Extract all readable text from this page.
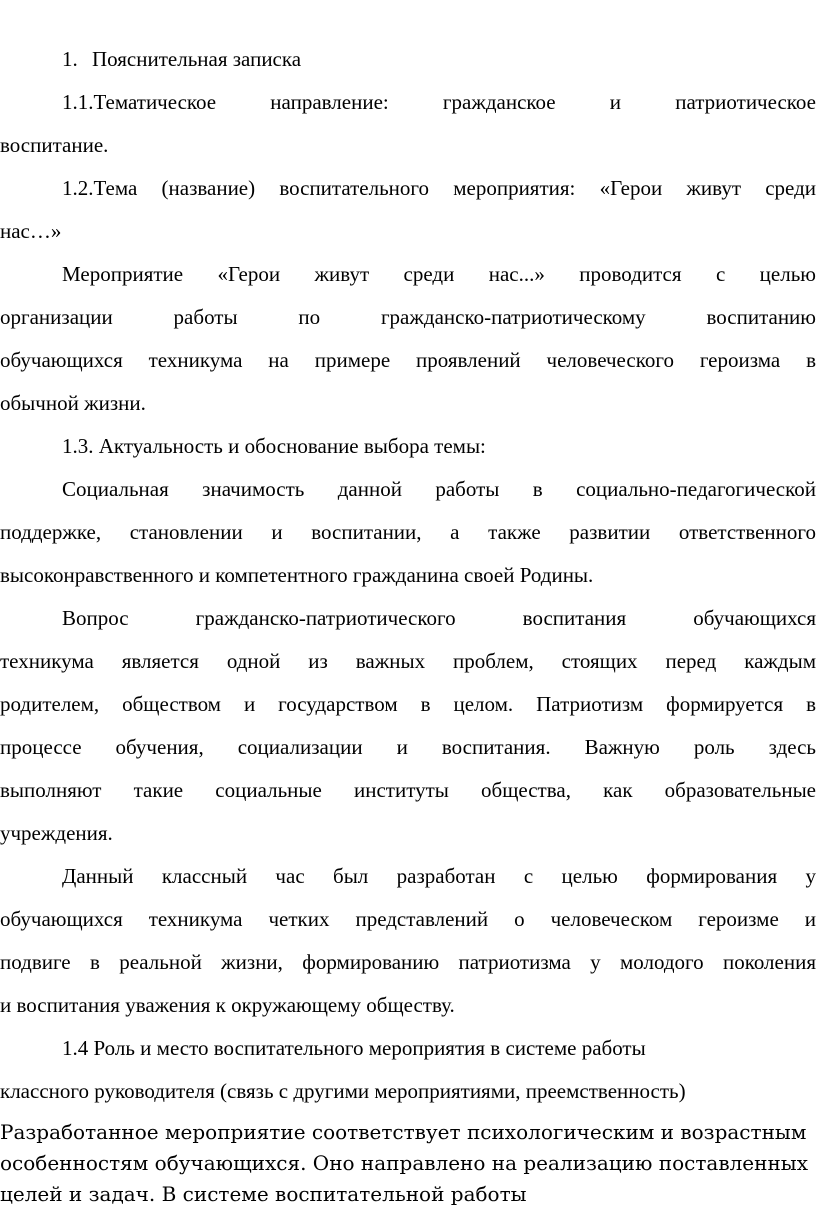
1. Пояснительная записка
1.1.Тематическое направление: гражданское и патриотическое
воспитание.
1.2.Тема (название) воспитательного мероприятия: «Герои живут среди
нас…»
Мероприятие «Герои живут среди нас...» проводится с целью
организации работы по гражданско-патриотическому воспитанию
обучающихся техникума на примере проявлений человеческого героизма в
обычной жизни.
1.3. Актуальность и обоснование выбора темы:
Социальная значимость данной работы в социально-педагогической
поддержке, становлении и воспитании, а также развитии ответственного
высоконравственного и компетентного гражданина своей Родины.
Вопрос гражданско-патриотического воспитания обучающихся
техникума является одной из важных проблем, стоящих перед каждым
родителем, обществом и государством в целом. Патриотизм формируется в
процессе обучения, социализации и воспитания. Важную роль здесь
выполняют такие социальные институты общества, как образовательные
учреждения.
Данный классный час был разработан с целью формирования у
обучающихся техникума четких представлений о человеческом героизме и
подвиге в реальной жизни, формированию патриотизма у молодого поколения
и воспитания уважения к окружающему обществу.
1.4 Роль и место воспитательного мероприятия в системе работы
классного руководителя (связь с другими мероприятиями, преемственность)
Разработанное мероприятие соответствует психологическим и возрастным
особенностям обучающихся. Оно направлено на реализацию поставленных
целей и задач. В системе воспитательной работы
